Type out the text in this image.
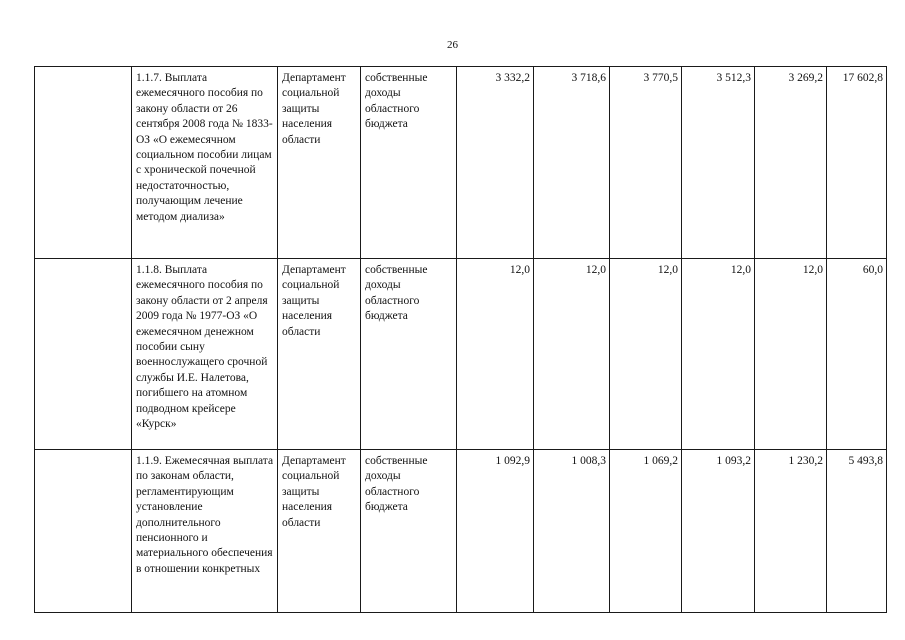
26
	1.1.7. Выплата ежемесячного пособия по закону области от 26 сентября 2008 года № 1833-ОЗ «О ежемесячном социальном пособии лицам с хронической почечной недостаточностью, получающим лечение методом диализа»	Департамент социальной защиты населения области	собственные доходы областного бюджета	3 332,2	3 718,6	3 770,5	3 512,3	3 269,2	17 602,8
	1.1.8. Выплата ежемесячного пособия по закону области от 2 апреля 2009 года № 1977-ОЗ «О ежемесячном денежном пособии сыну военнослужащего срочной службы И.Е. Налетова, погибшего на атомном подводном крейсере «Курск»	Департамент социальной защиты населения области	собственные доходы областного бюджета	12,0	12,0	12,0	12,0	12,0	60,0
	1.1.9. Ежемесячная выплата по законам области, регламентирующим установление дополнительного пенсионного и материального обеспечения в отношении конкретных	Департамент социальной защиты населения области	собственные доходы областного бюджета	1 092,9	1 008,3	1 069,2	1 093,2	1 230,2	5 493,8
